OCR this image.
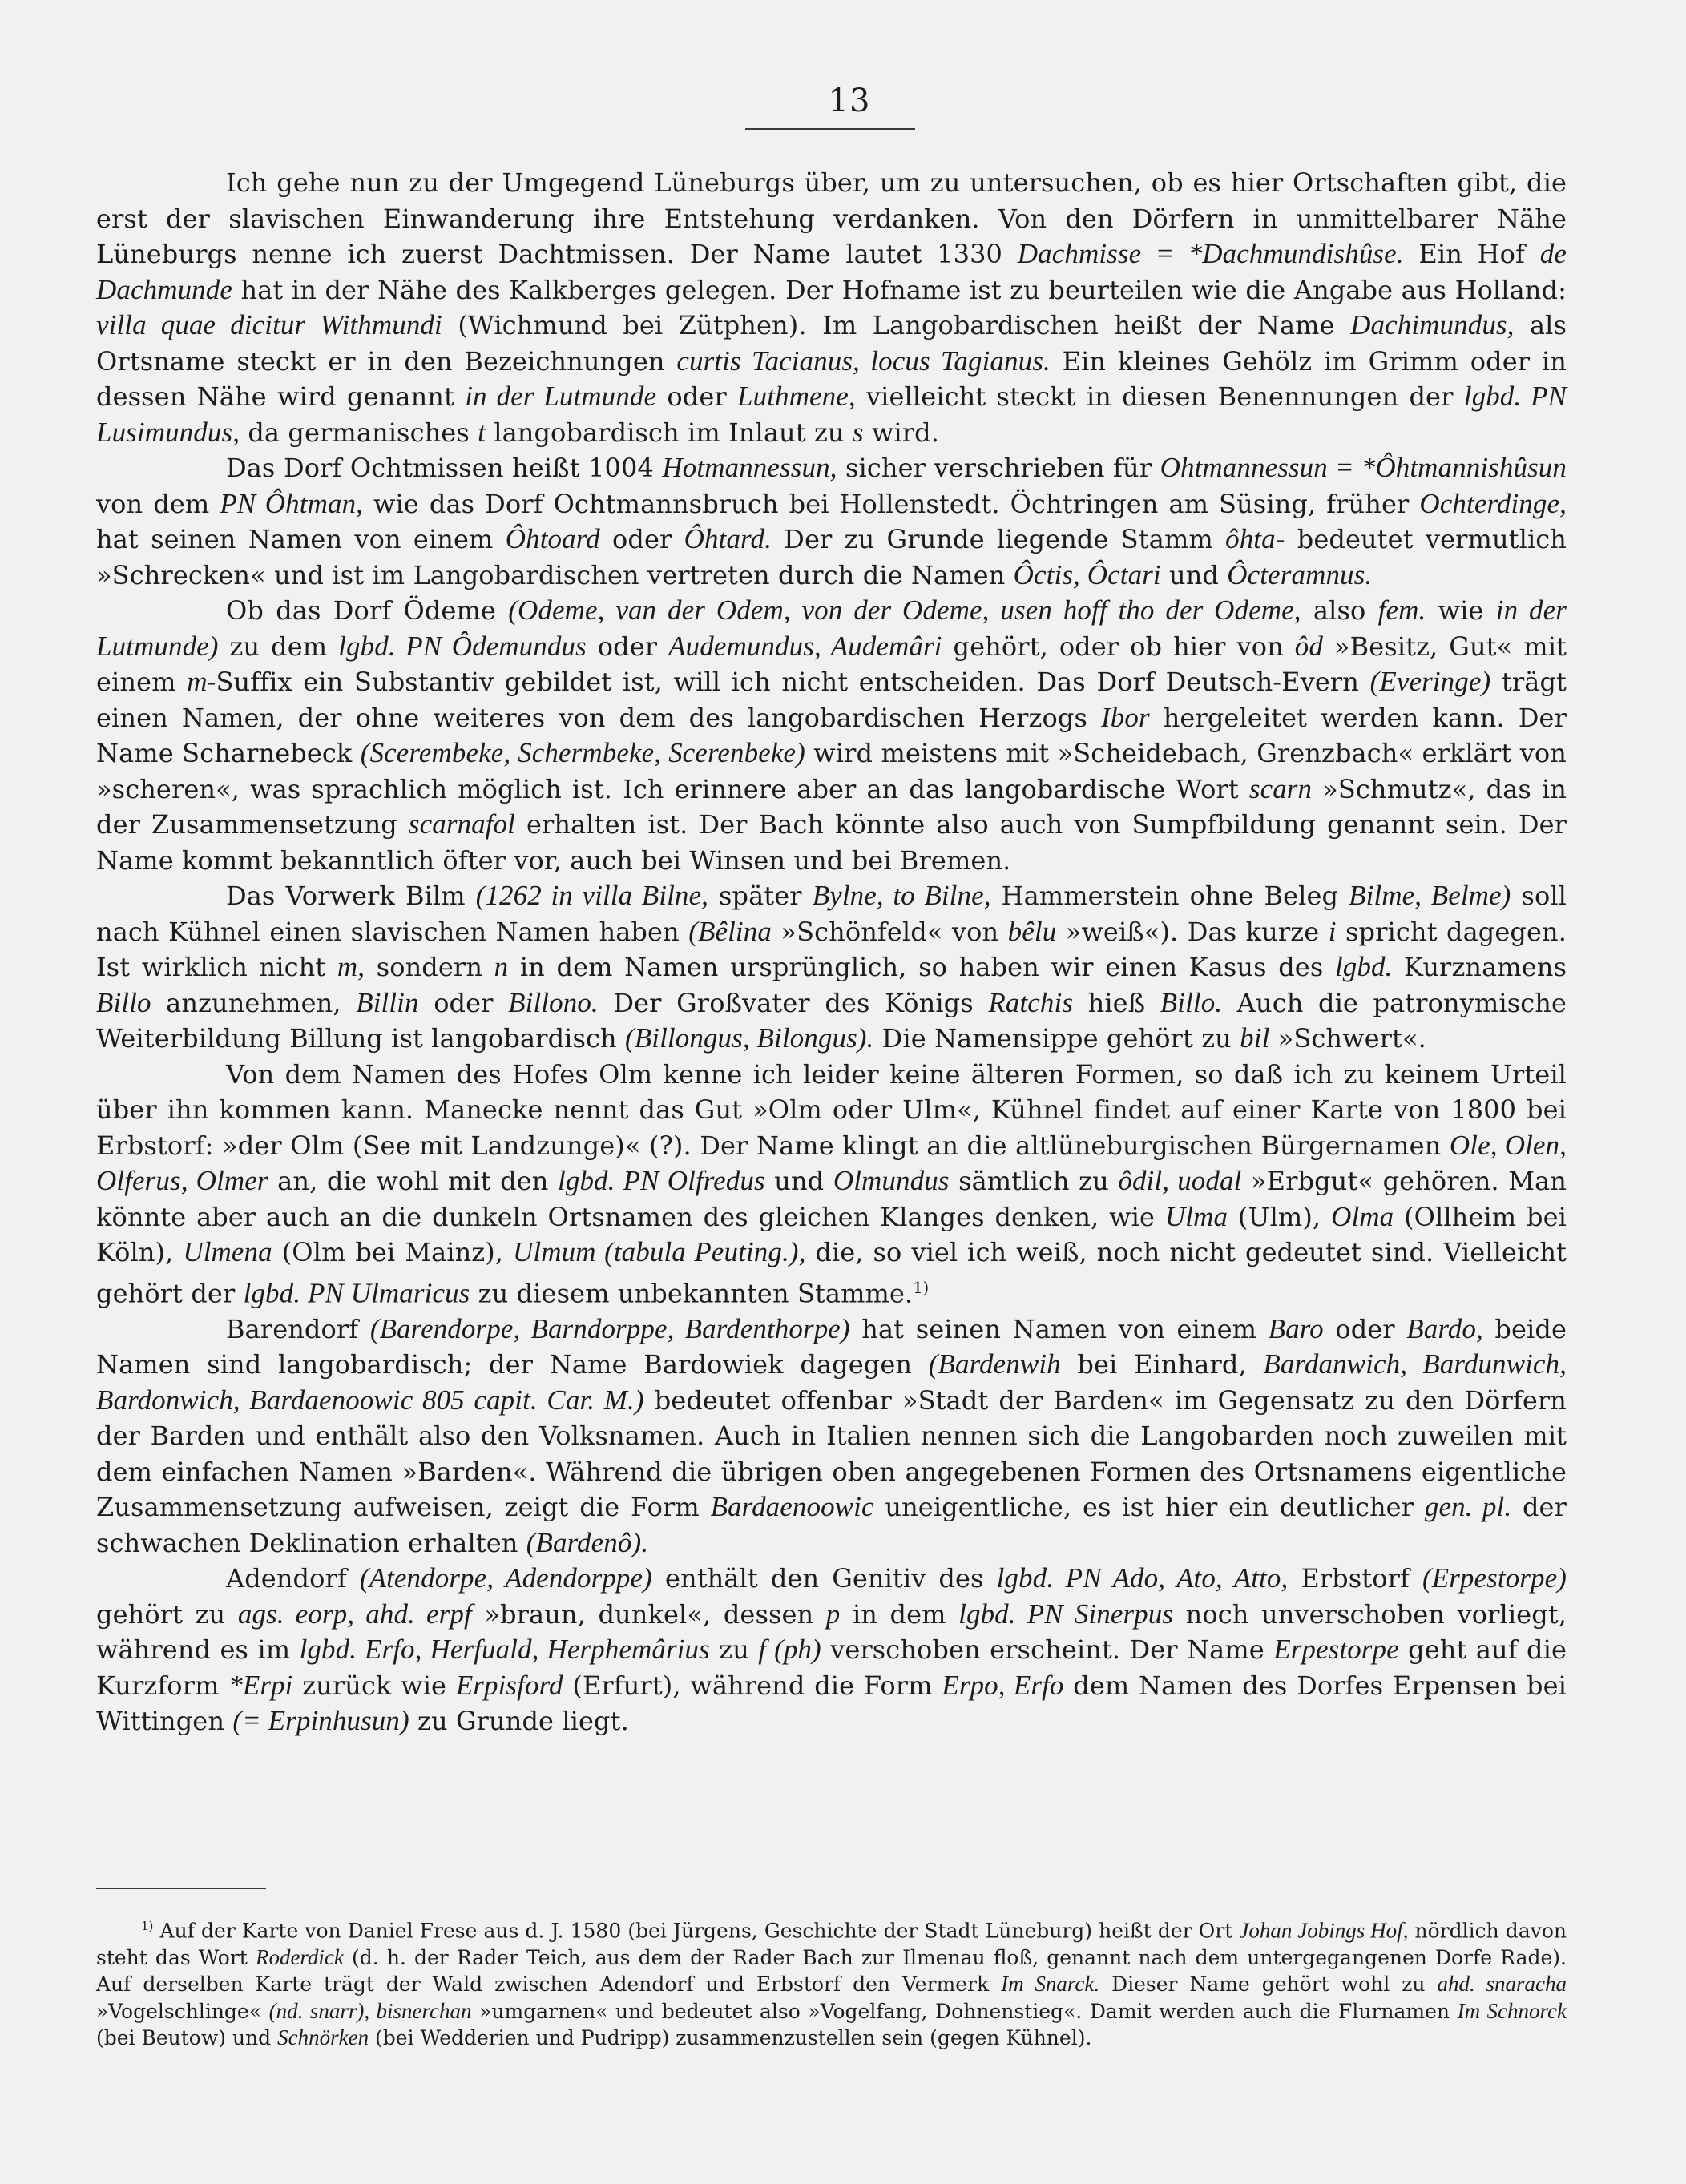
13

Ich gehe nun zu der Umgegend Lüneburgs über, um zu untersuchen, ob es hier Ortschaften gibt, die erst der slavischen Einwanderung ihre Entstehung verdanken. Von den Dörfern in unmittelbarer Nähe Lüneburgs nenne ich zuerst Dachtmissen. Der Name lautet 1330 Dachmisse = *Dachmundishûse. Ein Hof de Dachmunde hat in der Nähe des Kalkberges gelegen. Der Hofname ist zu beurteilen wie die Angabe aus Holland: villa quae dicitur Withmundi (Wichmund bei Zütphen). Im Langobardischen heißt der Name Dachimundus, als Ortsname steckt er in den Bezeichnungen curtis Tacianus, locus Tagianus. Ein kleines Gehölz im Grimm oder in dessen Nähe wird genannt in der Lutmunde oder Luthmene, vielleicht steckt in diesen Benennungen der lgbd. PN Lusimundus, da germanisches t langobardisch im Inlaut zu s wird.

Das Dorf Ochtmissen heißt 1004 Hotmannessun, sicher verschrieben für Ohtmannessun = *Ôhtmannishûsun von dem PN Ôhtman, wie das Dorf Ochtmannsbruch bei Hollenstedt. Öchtringen am Süsing, früher Ochterdinge, hat seinen Namen von einem Ôhtoard oder Ôhtard. Der zu Grunde liegende Stamm ôhta- bedeutet vermutlich »Schrecken« und ist im Langobardischen vertreten durch die Namen Ôctis, Ôctari und Ôcteramnus.

Ob das Dorf Ödeme (Odeme, van der Odem, von der Odeme, usen hoff tho der Odeme, also fem. wie in der Lutmunde) zu dem lgbd. PN Ôdemundus oder Audemundus, Audemâri gehört, oder ob hier von ôd »Besitz, Gut« mit einem m-Suffix ein Substantiv gebildet ist, will ich nicht entscheiden. Das Dorf Deutsch-Evern (Everinge) trägt einen Namen, der ohne weiteres von dem des langobardischen Herzogs Ibor hergeleitet werden kann. Der Name Scharnebeck (Scerembeke, Schermbeke, Scerenbeke) wird meistens mit »Scheidebach, Grenzbach« erklärt von »scheren«, was sprachlich möglich ist. Ich erinnere aber an das langobardische Wort scarn »Schmutz«, das in der Zusammensetzung scarnafol erhalten ist. Der Bach könnte also auch von Sumpfbildung genannt sein. Der Name kommt bekanntlich öfter vor, auch bei Winsen und bei Bremen.

Das Vorwerk Bilm (1262 in villa Bilne, später Bylne, to Bilne, Hammerstein ohne Beleg Bilme, Belme) soll nach Kühnel einen slavischen Namen haben (Bêlina »Schönfeld« von bêlu »weiß«). Das kurze i spricht dagegen. Ist wirklich nicht m, sondern n in dem Namen ursprünglich, so haben wir einen Kasus des lgbd. Kurznamens Billo anzunehmen, Billin oder Billono. Der Großvater des Königs Ratchis hieß Billo. Auch die patronymische Weiterbildung Billung ist langobardisch (Billongus, Bilongus). Die Namensippe gehört zu bil »Schwert«.

Von dem Namen des Hofes Olm kenne ich leider keine älteren Formen, so daß ich zu keinem Urteil über ihn kommen kann. Manecke nennt das Gut »Olm oder Ulm«, Kühnel findet auf einer Karte von 1800 bei Erbstorf: »der Olm (See mit Landzunge)« (?). Der Name klingt an die altlüneburgischen Bürgernamen Ole, Olen, Olferus, Olmer an, die wohl mit den lgbd. PN Olfredus und Olmundus sämtlich zu ôdil, uodal »Erbgut« gehören. Man könnte aber auch an die dunkeln Ortsnamen des gleichen Klanges denken, wie Ulma (Ulm), Olma (Ollheim bei Köln), Ulmena (Olm bei Mainz), Ulmum (tabula Peuting.), die, so viel ich weiß, noch nicht gedeutet sind. Vielleicht gehört der lgbd. PN Ulmaricus zu diesem unbekannten Stamme.$^{1)}$

Barendorf (Barendorpe, Barndorppe, Bardenthorpe) hat seinen Namen von einem Baro oder Bardo, beide Namen sind langobardisch; der Name Bardowiek dagegen (Bardenwih bei Einhard, Bardanwich, Bardunwich, Bardonwich, Bardaenoowic 805 capit. Car. M.) bedeutet offenbar »Stadt der Barden« im Gegensatz zu den Dörfern der Barden und enthält also den Volksnamen. Auch in Italien nennen sich die Langobarden noch zuweilen mit dem einfachen Namen »Barden«. Während die übrigen oben angegebenen Formen des Ortsnamens eigentliche Zusammensetzung aufweisen, zeigt die Form Bardaenoowic uneigentliche, es ist hier ein deutlicher gen. pl. der schwachen Deklination erhalten (Bardenô).

Adendorf (Atendorpe, Adendorppe) enthält den Genitiv des lgbd. PN Ado, Ato, Atto, Erbstorf (Erpestorpe) gehört zu ags. eorp, ahd. erpf »braun, dunkel«, dessen p in dem lgbd. PN Sinerpus noch unverschoben vorliegt, während es im lgbd. Erfo, Herfuald, Herphemârius zu f (ph) verschoben erscheint. Der Name Erpestorpe geht auf die Kurzform *Erpi zurück wie Erpisford (Erfurt), während die Form Erpo, Erfo dem Namen des Dorfes Erpensen bei Wittingen (= Erpinhusun) zu Grunde liegt.

$^{1)}$ Auf der Karte von Daniel Frese aus d. J. 1580 (bei Jürgens, Geschichte der Stadt Lüneburg) heißt der Ort Johan Jobings Hof, nördlich davon steht das Wort Roderdick (d. h. der Rader Teich, aus dem der Rader Bach zur Ilmenau floß, genannt nach dem untergegangenen Dorfe Rade). Auf derselben Karte trägt der Wald zwischen Adendorf und Erbstorf den Vermerk Im Snarck. Dieser Name gehört wohl zu ahd. snaracha »Vogelschlinge« (nd. snarr), bisnerchan »umgarnen« und bedeutet also »Vogelfang, Dohnenstieg«. Damit werden auch die Flurnamen Im Schnorck (bei Beutow) und Schnörken (bei Wedderien und Pudripp) zusammenzustellen sein (gegen Kühnel).
